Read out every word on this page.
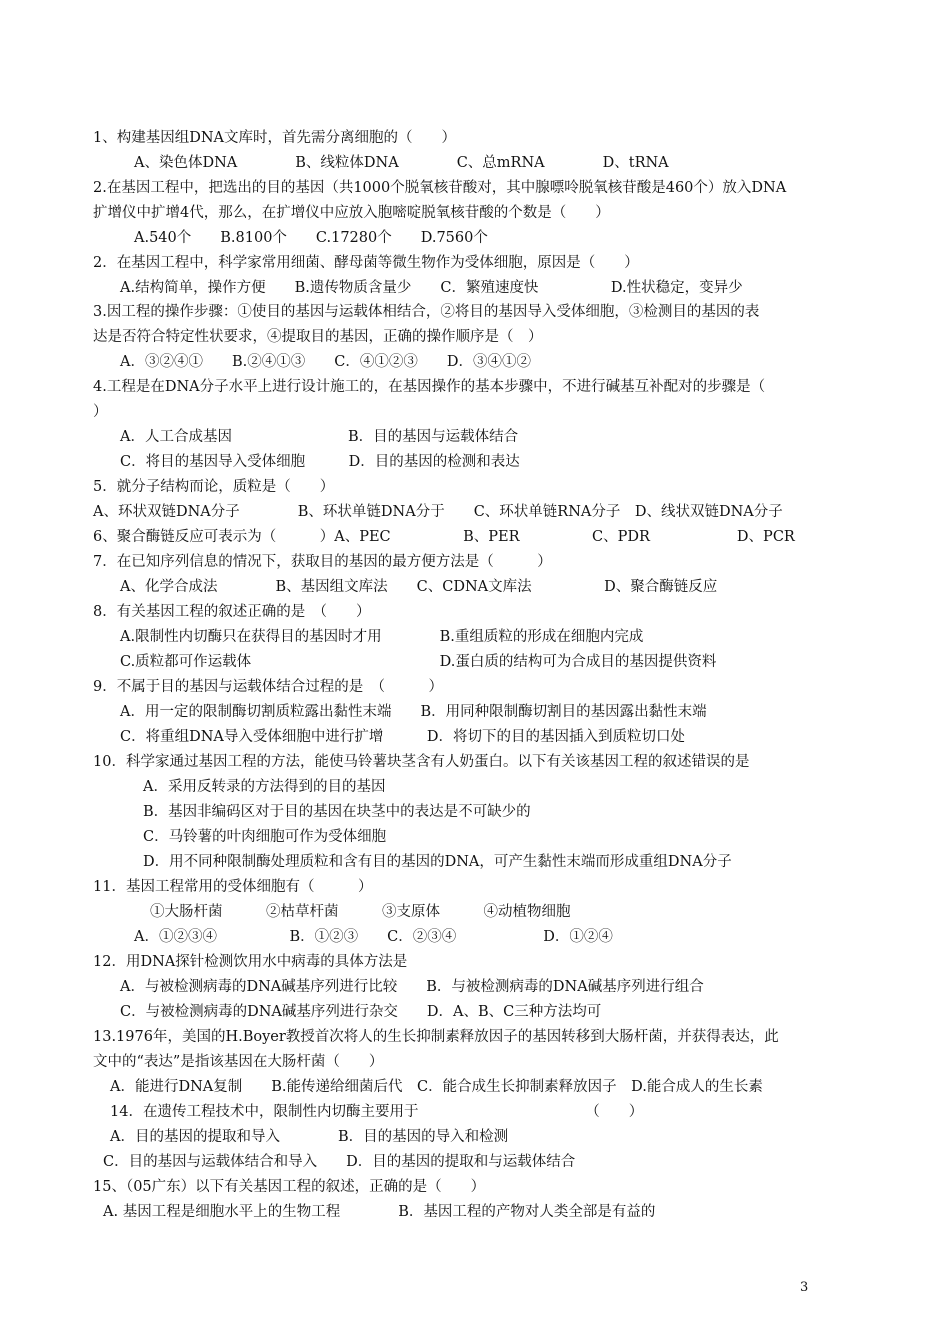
1、构建基因组DNA文库时，首先需分离细胞的（　　）
A、染色体DNA　　　　B、线粒体DNA　　　　C、总mRNA　　　　D、tRNA
2.在基因工程中，把选出的目的基因（共1000个脱氧核苷酸对，其中腺嘌呤脱氧核苷酸是460个）放入DNA
扩增仪中扩增4代，那么，在扩增仪中应放入胞嘧啶脱氧核苷酸的个数是（　　）
A.540个　　B.8100个　　C.17280个　　D.7560个
2．在基因工程中，科学家常用细菌、酵母菌等微生物作为受体细胞，原因是（　　）
A.结构简单，操作方便　　B.遗传物质含量少　　C．繁殖速度快　　　　　D.性状稳定，变异少
3.因工程的操作步骤：①使目的基因与运载体相结合，②将目的基因导入受体细胞，③检测目的基因的表
达是否符合特定性状要求，④提取目的基因，正确的操作顺序是（　）
A．③②④①　　B.②④①③　　C．④①②③　　D．③④①②
4.工程是在DNA分子水平上进行设计施工的，在基因操作的基本步骤中，不进行碱基互补配对的步骤是（
）
A．人工合成基因　　　　　　　　B．目的基因与运载体结合
C．将目的基因导入受体细胞　　　D．目的基因的检测和表达
5．就分子结构而论，质粒是（　　）
A、环状双链DNA分子　　　　B、环状单链DNA分于　　C、环状单链RNA分子　D、线状双链DNA分子
6、聚合酶链反应可表示为（　　　）A、PEC　　　　　B、PER　　　　　C、PDR　　　　　　D、PCR
7．在已知序列信息的情况下，获取目的基因的最方便方法是（　　　）
A、化学合成法　　　　B、基因组文库法　　C、CDNA文库法　　　　　D、聚合酶链反应
8．有关基因工程的叙述正确的是　（　　）
A.限制性内切酶只在获得目的基因时才用　　　　B.重组质粒的形成在细胞内完成
C.质粒都可作运载体　　　　　　　　　　　　　D.蛋白质的结构可为合成目的基因提供资料
9．不属于目的基因与运载体结合过程的是　（　　　）
A．用一定的限制酶切割质粒露出黏性末端　　B．用同种限制酶切割目的基因露出黏性末端
C．将重组DNA导入受体细胞中进行扩增　　　D．将切下的目的基因插入到质粒切口处
10．科学家通过基因工程的方法，能使马铃薯块茎含有人奶蛋白。以下有关该基因工程的叙述错误的是
A．采用反转录的方法得到的目的基因
B．基因非编码区对于目的基因在块茎中的表达是不可缺少的
C．马铃薯的叶肉细胞可作为受体细胞
D．用不同种限制酶处理质粒和含有目的基因的DNA，可产生黏性末端而形成重组DNA分子
11．基因工程常用的受体细胞有（　　　）
①大肠杆菌　　　②枯草杆菌　　　③支原体　　　④动植物细胞
A．①②③④　　　　　B．①②③　　C．②③④　　　　　　D．①②④
12．用DNA探针检测饮用水中病毒的具体方法是
A．与被检测病毒的DNA碱基序列进行比较　　B．与被检测病毒的DNA碱基序列进行组合
C．与被检测病毒的DNA碱基序列进行杂交　　D．A、B、C三种方法均可
13.1976年，美国的H.Boyer教授首次将人的生长抑制素释放因子的基因转移到大肠杆菌，并获得表达，此
文中的“表达”是指该基因在大肠杆菌（　　）
A．能进行DNA复制　　B.能传递给细菌后代　C．能合成生长抑制素释放因子　D.能合成人的生长素
14．在遗传工程技术中，限制性内切酶主要用于　　　　　　　　　　　　（　　）
A．目的基因的提取和导入　　　　B．目的基因的导入和检测
C．目的基因与运载体结合和导入　　D．目的基因的提取和与运载体结合
15、（05广东）以下有关基因工程的叙述，正确的是（　　）
A. 基因工程是细胞水平上的生物工程　　　　B．基因工程的产物对人类全部是有益的
3
